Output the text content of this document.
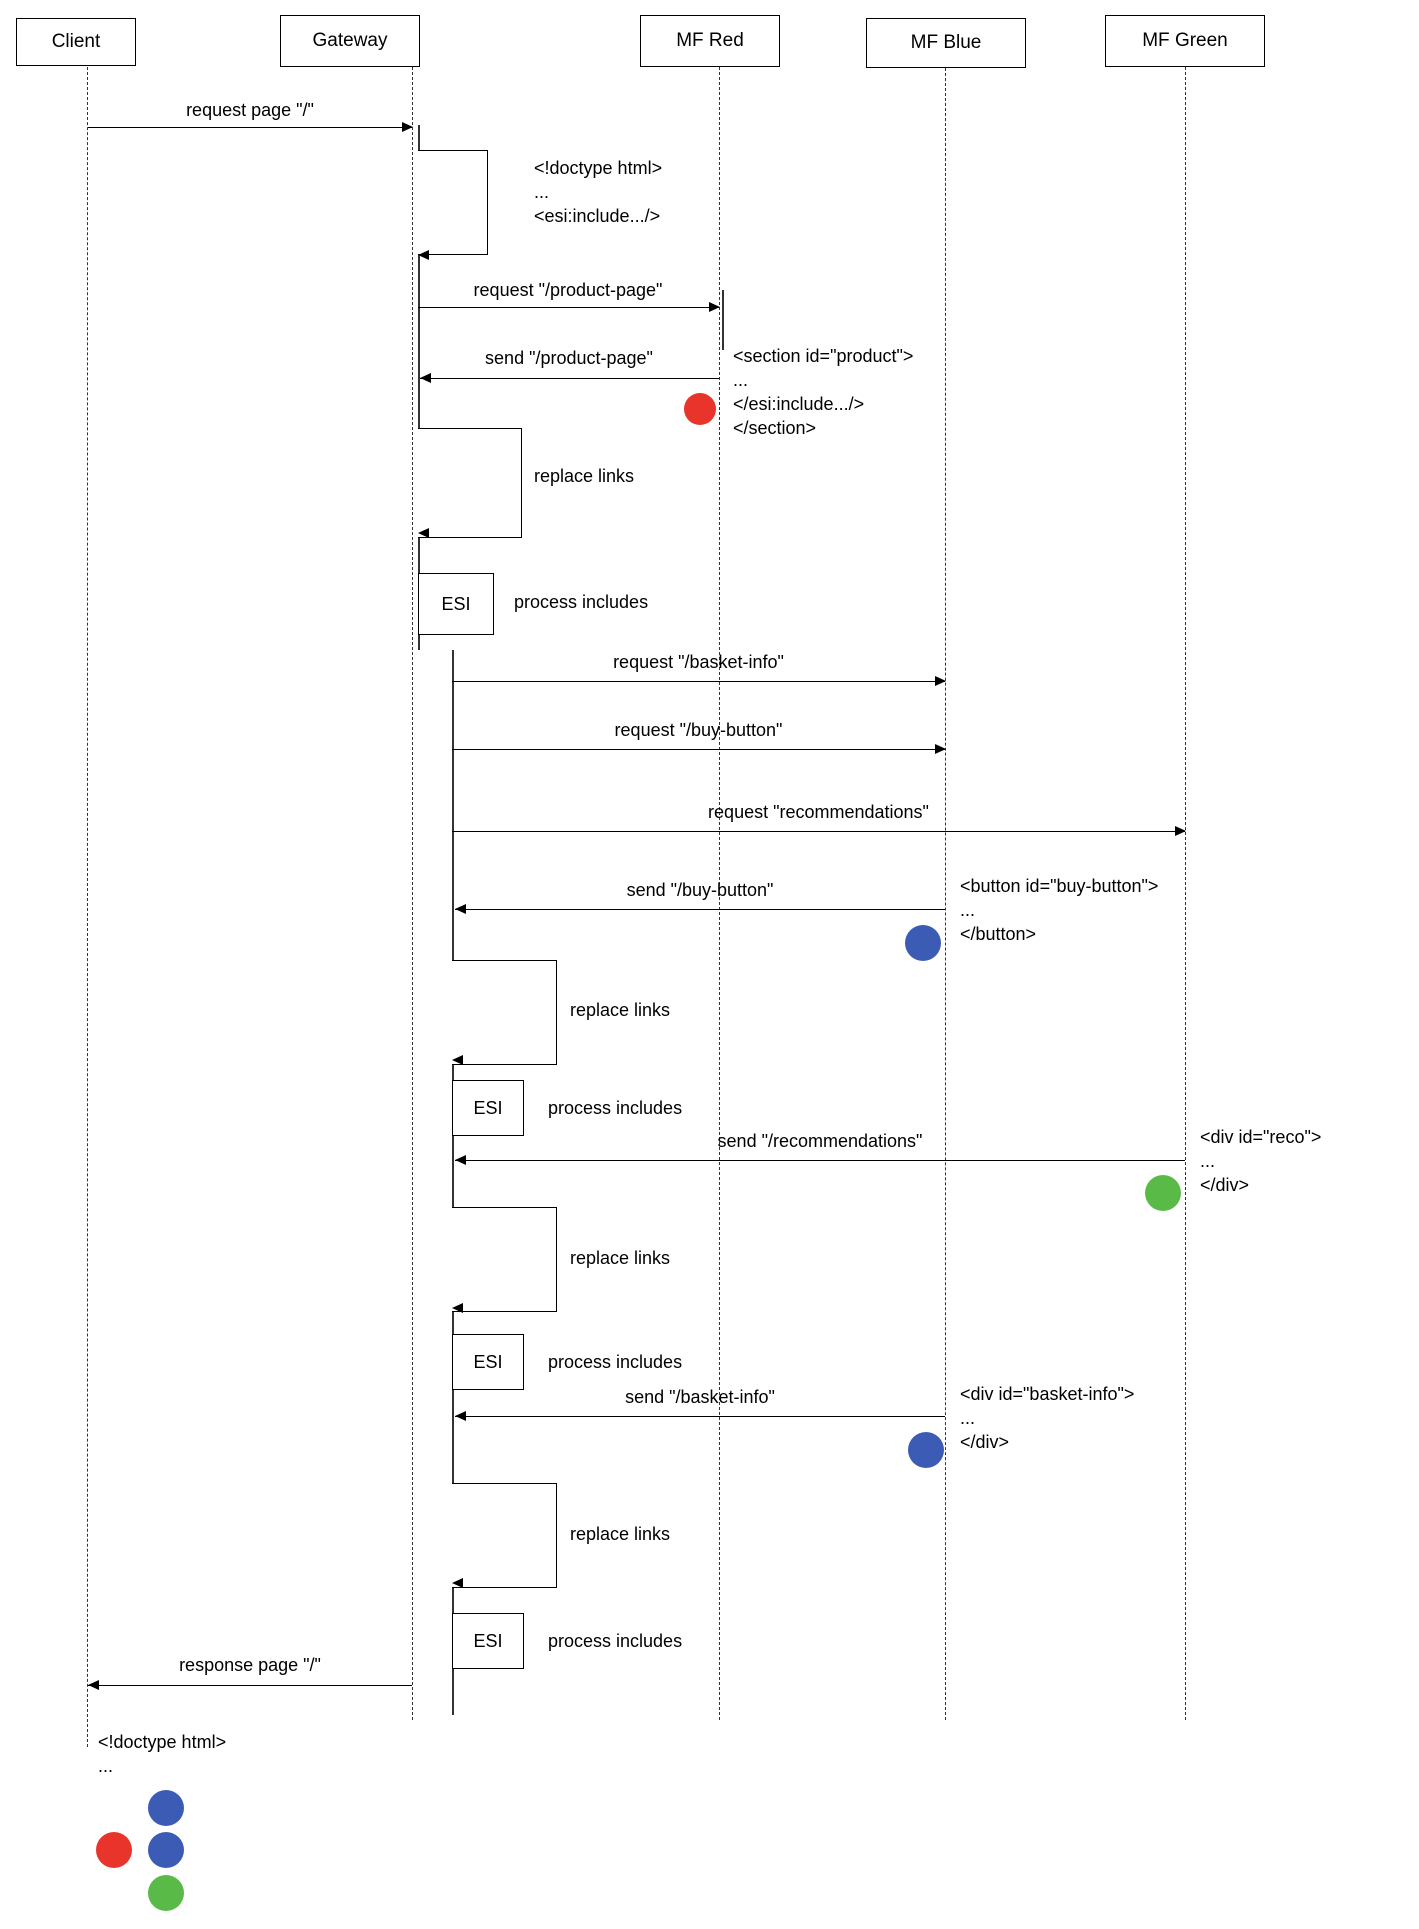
Client	Gateway	MF Red	MF Blue	MF Green
request page "/"
<!doctype html>
...
<esi:include.../>
request "/product-page"
send "/product-page"	<section id="product">
...
</esi:include.../>
</section>
replace links
ESI process includes
request "/basket-info"
request "/buy-button"
request "recommendations"
send "/buy-button"	<button id="buy-button">
...
</button>
replace links
ESI	process includes
send "/recommendations"	<div id="reco">
...
</div>
replace links
ESI	process includes
send "/basket-info"	<div id="basket-info">
...
</div>
replace links
ESI	process includes
response page "/"
<!doctype html>
...
